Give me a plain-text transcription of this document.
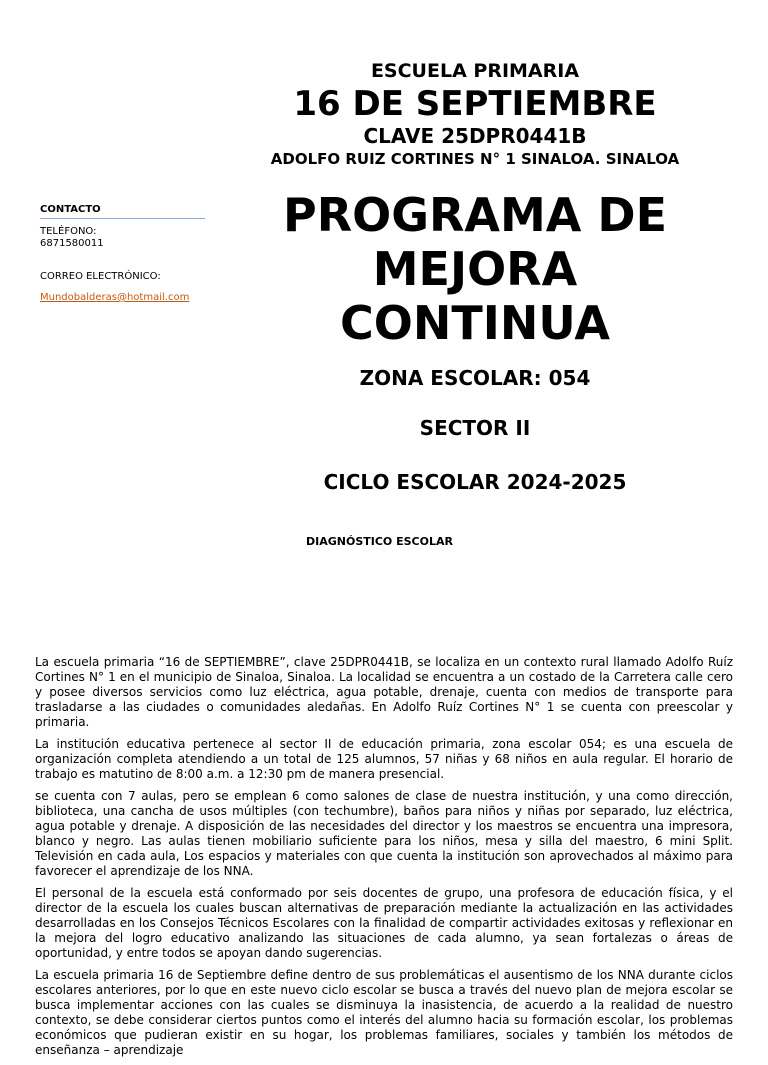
ESCUELA PRIMARIA
16 DE SEPTIEMBRE
CLAVE 25DPR0441B
ADOLFO RUIZ CORTINES N° 1 SINALOA. SINALOA
CONTACTO
TELÉFONO:
6871580011
CORREO ELECTRÓNICO:
Mundobalderas@hotmail.com
PROGRAMA DE
MEJORA
CONTINUA
ZONA ESCOLAR: 054
SECTOR II
CICLO ESCOLAR 2024-2025
DIAGNÓSTICO ESCOLAR

La escuela primaria “16 de SEPTIEMBRE”, clave 25DPR0441B, se localiza en un contexto rural llamado Adolfo Ruíz Cortines N° 1 en el municipio de Sinaloa, Sinaloa. La localidad se encuentra a un costado de la Carretera calle cero y posee diversos servicios como luz eléctrica, agua potable, drenaje, cuenta con medios de transporte para trasladarse a las ciudades o comunidades aledañas. En Adolfo Ruíz Cortines N° 1 se cuenta con preescolar y primaria.

La institución educativa pertenece al sector II de educación primaria, zona escolar 054; es una escuela de organización completa atendiendo a un total de 125 alumnos, 57 niñas y 68 niños en aula regular. El horario de trabajo es matutino de 8:00 a.m. a 12:30 pm de manera presencial.

se cuenta con 7 aulas, pero se emplean 6 como salones de clase de nuestra institución, y una como dirección, biblioteca, una cancha de usos múltiples (con techumbre), baños para niños y niñas por separado, luz eléctrica, agua potable y drenaje. A disposición de las necesidades del director y los maestros se encuentra una impresora, blanco y negro. Las aulas tienen mobiliario suficiente para los niños, mesa y silla del maestro, 6 mini Split. Televisión en cada aula, Los espacios y materiales con que cuenta la institución son aprovechados al máximo para favorecer el aprendizaje de los NNA.

El personal de la escuela está conformado por seis docentes de grupo, una profesora de educación física, y el director de la escuela los cuales buscan alternativas de preparación mediante la actualización en las actividades desarrolladas en los Consejos Técnicos Escolares con la finalidad de compartir actividades exitosas y reflexionar en la mejora del logro educativo analizando las situaciones de cada alumno, ya sean fortalezas o áreas de oportunidad, y entre todos se apoyan dando sugerencias.

La escuela primaria 16 de Septiembre define dentro de sus problemáticas el ausentismo de los NNA durante ciclos escolares anteriores, por lo que en este nuevo ciclo escolar se busca a través del nuevo plan de mejora escolar se busca implementar acciones con las cuales se disminuya la inasistencia, de acuerdo a la realidad de nuestro contexto, se debe considerar ciertos puntos como el interés del alumno hacia su formación escolar, los problemas económicos que pudieran existir en su hogar, los problemas familiares, sociales y también los métodos de enseñanza – aprendizaje
